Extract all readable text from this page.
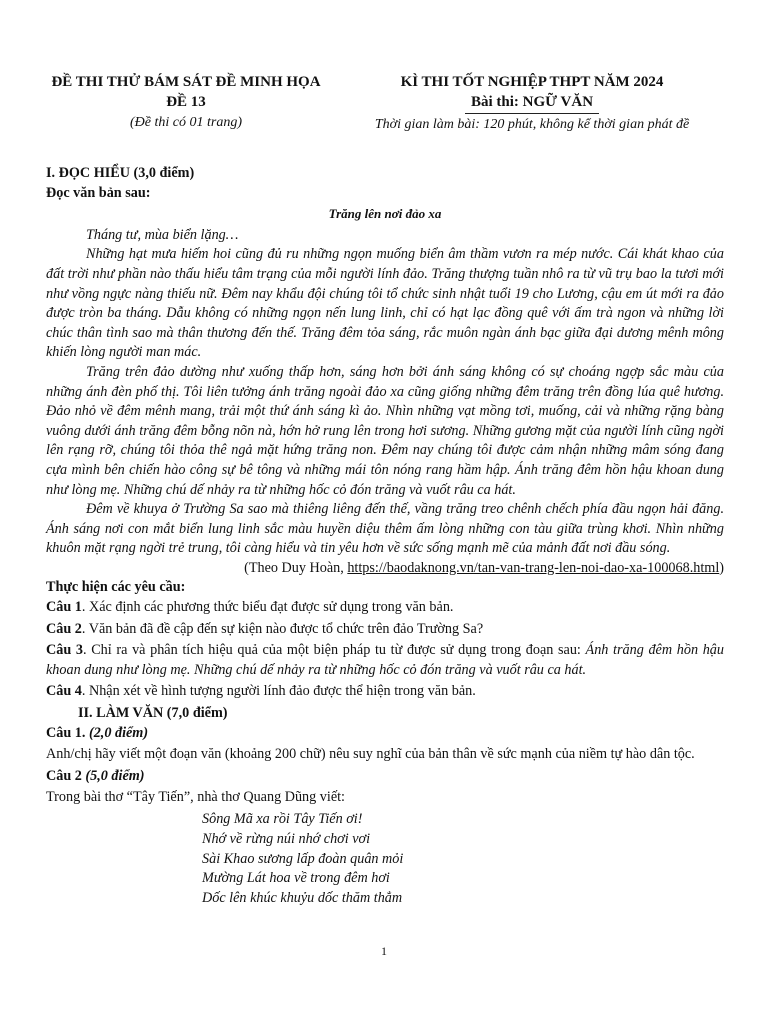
ĐỀ THI THỬ BÁM SÁT ĐỀ MINH HỌA
ĐỀ 13
(Đề thi có 01 trang)
KÌ THI TỐT NGHIỆP THPT NĂM 2024
Bài thi: NGỮ VĂN
Thời gian làm bài: 120 phút, không kể thời gian phát đề

I. ĐỌC HIỂU (3,0 điểm)

Đọc văn bản sau:

Trăng lên nơi đảo xa

Tháng tư, mùa biển lặng…

Những hạt mưa hiếm hoi cũng đủ ru những ngọn muống biển âm thầm vươn ra mép nước. Cái khát khao của đất trời như phần nào thấu hiểu tâm trạng của mỗi người lính đảo. Trăng thượng tuần nhô ra từ vũ trụ bao la tươi mới như vồng ngực nàng thiếu nữ. Đêm nay khẩu đội chúng tôi tổ chức sinh nhật tuổi 19 cho Lương, cậu em út mới ra đảo được tròn ba tháng. Dẫu không có những ngọn nến lung linh, chỉ có hạt lạc đồng quê với ấm trà ngon và những lời chúc thân tình sao mà thân thương đến thế. Trăng đêm tỏa sáng, rắc muôn ngàn ánh bạc giữa đại dương mênh mông khiến lòng người man mác.

Trăng trên đảo dường như xuống thấp hơn, sáng hơn bởi ánh sáng không có sự choáng ngợp sắc màu của những ánh đèn phố thị. Tôi liên tưởng ánh trăng ngoài đảo xa cũng giống những đêm trăng trên đồng lúa quê hương. Đảo nhỏ về đêm mênh mang, trải một thứ ánh sáng kì ảo. Nhìn những vạt mồng tơi, muống, cải và những rặng bàng vuông dưới ánh trăng đêm bỗng nõn nà, hớn hở rung lên trong hơi sương. Những gương mặt của người lính cũng ngời lên rạng rỡ, chúng tôi thỏa thê ngả mặt hứng trăng non. Đêm nay chúng tôi được cảm nhận những mâm sóng đang cựa mình bên chiến hào công sự bê tông và những mái tôn nóng rang hầm hập. Ánh trăng đêm hồn hậu khoan dung như lòng mẹ. Những chú dế nhảy ra từ những hốc cỏ đón trăng và vuốt râu ca hát.

Đêm về khuya ở Trường Sa sao mà thiêng liêng đến thế, vầng trăng treo chênh chếch phía đầu ngọn hải đăng. Ánh sáng nơi con mắt biển lung linh sắc màu huyền diệu thêm ấm lòng những con tàu giữa trùng khơi. Nhìn những khuôn mặt rạng ngời trẻ trung, tôi càng hiểu và tin yêu hơn về sức sống mạnh mẽ của mảnh đất nơi đầu sóng.

(Theo Duy Hoàn, https://baodaknong.vn/tan-van-trang-len-noi-dao-xa-100068.html)

Thực hiện các yêu cầu:

Câu 1. Xác định các phương thức biểu đạt được sử dụng trong văn bản.

Câu 2. Văn bản đã đề cập đến sự kiện nào được tổ chức trên đảo Trường Sa?

Câu 3. Chỉ ra và phân tích hiệu quả của một biện pháp tu từ được sử dụng trong đoạn sau: Ánh trăng đêm hồn hậu khoan dung như lòng mẹ. Những chú dế nhảy ra từ những hốc cỏ đón trăng và vuốt râu ca hát.

Câu 4. Nhận xét về hình tượng người lính đảo được thể hiện trong văn bản.

II. LÀM VĂN (7,0 điểm)

Câu 1. (2,0 điểm)

Anh/chị hãy viết một đoạn văn (khoảng 200 chữ) nêu suy nghĩ của bản thân về sức mạnh của niềm tự hào dân tộc.

Câu 2 (5,0 điểm)

Trong bài thơ “Tây Tiến”, nhà thơ Quang Dũng viết:

Sông Mã xa rồi Tây Tiến ơi!
Nhớ về rừng núi nhớ chơi vơi
Sài Khao sương lấp đoàn quân mỏi
Mường Lát hoa về trong đêm hơi
Dốc lên khúc khuỷu dốc thăm thẳm
1
